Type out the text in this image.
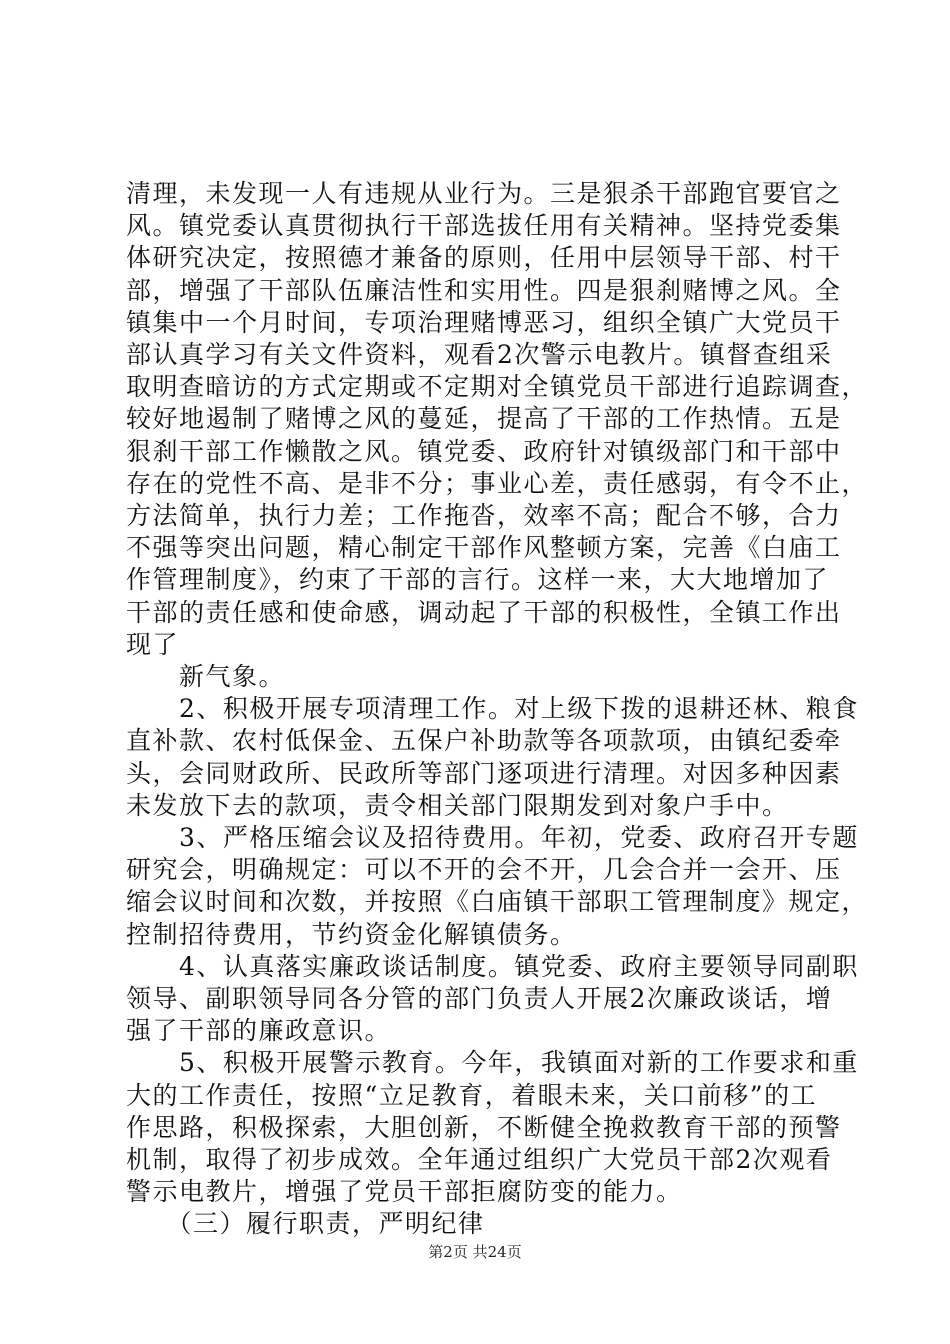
清理，未发现一人有违规从业行为。三是狠杀干部跑官要官之
风。镇党委认真贯彻执行干部选拔任用有关精神。坚持党委集
体研究决定，按照德才兼备的原则，任用中层领导干部、村干
部，增强了干部队伍廉洁性和实用性。四是狠刹赌博之风。全
镇集中一个月时间，专项治理赌博恶习，组织全镇广大党员干
部认真学习有关文件资料，观看2次警示电教片。镇督查组采
取明查暗访的方式定期或不定期对全镇党员干部进行追踪调查，
较好地遏制了赌博之风的蔓延，提高了干部的工作热情。五是
狠刹干部工作懒散之风。镇党委、政府针对镇级部门和干部中
存在的党性不高、是非不分；事业心差，责任感弱，有令不止，
方法简单，执行力差；工作拖沓，效率不高；配合不够，合力
不强等突出问题，精心制定干部作风整顿方案，完善《白庙工
作管理制度》，约束了干部的言行。这样一来，大大地增加了
干部的责任感和使命感，调动起了干部的积极性，全镇工作出
现了
　　新气象。
　　2、积极开展专项清理工作。对上级下拨的退耕还林、粮食
直补款、农村低保金、五保户补助款等各项款项，由镇纪委牵
头，会同财政所、民政所等部门逐项进行清理。对因多种因素
未发放下去的款项，责令相关部门限期发到对象户手中。
　　3、严格压缩会议及招待费用。年初，党委、政府召开专题
研究会，明确规定：可以不开的会不开，几会合并一会开、压
缩会议时间和次数，并按照《白庙镇干部职工管理制度》规定，
控制招待费用，节约资金化解镇债务。
　　4、认真落实廉政谈话制度。镇党委、政府主要领导同副职
领导、副职领导同各分管的部门负责人开展2次廉政谈话，增
强了干部的廉政意识。
　　5、积极开展警示教育。今年，我镇面对新的工作要求和重
大的工作责任，按照“立足教育，着眼未来，关口前移”的工
作思路，积极探索，大胆创新，不断健全挽救教育干部的预警
机制，取得了初步成效。全年通过组织广大党员干部2次观看
警示电教片，增强了党员干部拒腐防变的能力。
　　（三）履行职责，严明纪律
第2页 共24页
